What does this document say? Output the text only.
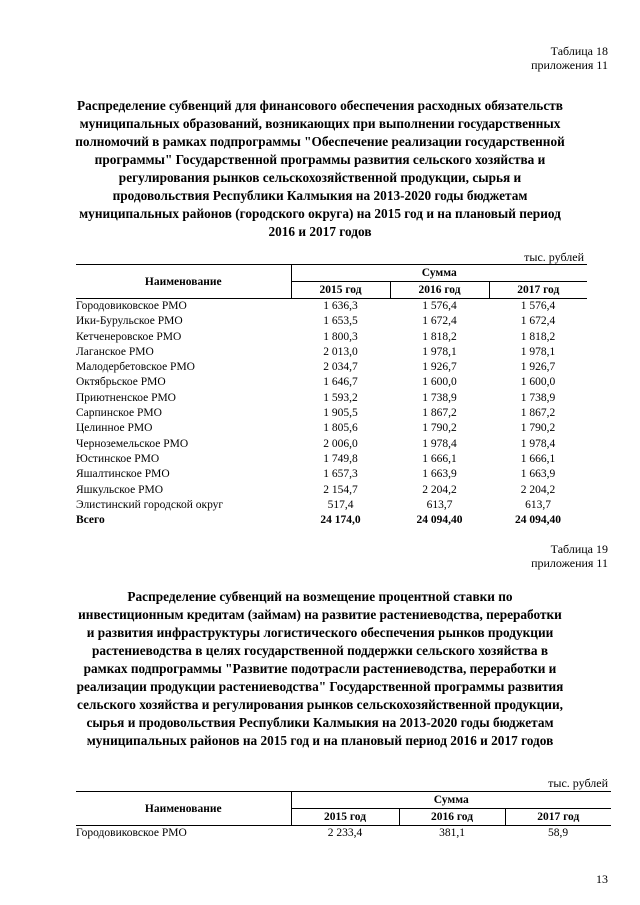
Таблица 18
приложения 11
Распределение субвенций для финансового обеспечения расходных обязательств муниципальных образований, возникающих при выполнении государственных полномочий в рамках подпрограммы "Обеспечение реализации государственной программы" Государственной программы развития сельского хозяйства и регулирования рынков сельскохозяйственной продукции, сырья и продовольствия Республики Калмыкия на 2013-2020 годы бюджетам муниципальных районов (городского округа) на 2015 год и на плановый период 2016 и 2017 годов
тыс. рублей
Наименование	Сумма		
	2015 год	2016 год	2017 год
Городовиковское РМО	1 636,3	1 576,4	1 576,4
Ики-Бурульское РМО	1 653,5	1 672,4	1 672,4
Кетченеровское РМО	1 800,3	1 818,2	1 818,2
Лаганское РМО	2 013,0	1 978,1	1 978,1
Малодербетовское РМО	2 034,7	1 926,7	1 926,7
Октябрьское РМО	1 646,7	1 600,0	1 600,0
Приютненское РМО	1 593,2	1 738,9	1 738,9
Сарпинское РМО	1 905,5	1 867,2	1 867,2
Целинное РМО	1 805,6	1 790,2	1 790,2
Черноземельское РМО	2 006,0	1 978,4	1 978,4
Юстинское РМО	1 749,8	1 666,1	1 666,1
Яшалтинское РМО	1 657,3	1 663,9	1 663,9
Яшкульское РМО	2 154,7	2 204,2	2 204,2
Элистинский городской округ	517,4	613,7	613,7
Всего	24 174,0	24 094,40	24 094,40
Таблица 19
приложения 11
Распределение субвенций на возмещение процентной ставки по инвестиционным кредитам (займам) на развитие растениеводства, переработки и развития инфраструктуры логистического обеспечения рынков продукции растениеводства в целях государственной поддержки сельского хозяйства в рамках подпрограммы "Развитие подотрасли растениеводства, переработки и реализации продукции растениеводства" Государственной программы развития сельского хозяйства и регулирования рынков сельскохозяйственной продукции, сырья и продовольствия Республики Калмыкия на 2013-2020 годы бюджетам муниципальных районов на 2015 год и на плановый период 2016 и 2017 годов
тыс. рублей
Наименование	Сумма		
	2015 год	2016 год	2017 год
Городовиковское РМО	2 233,4	381,1	58,9
13
